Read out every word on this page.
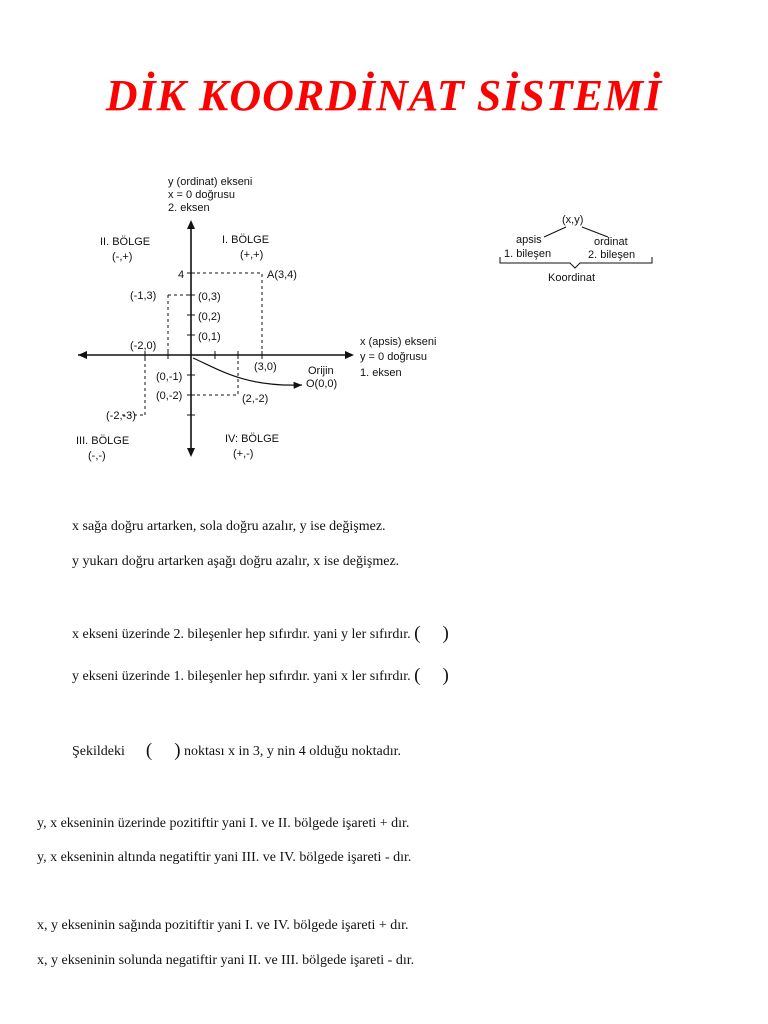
DİK KOORDİNAT SİSTEMİ
y (ordinat) ekseni
x = 0 doğrusu
2. eksen
II. BÖLGE
(-,+)
I. BÖLGE
(+,+)
III. BÖLGE
(-,-)
IV: BÖLGE
(+,-)
4	A(3,4)
(-1,3)	(0,3)
(0,2)
(0,1)
(-2,0)
(3,0)
(0,-1)
(0,-2)	(2,-2)
(-2,-3)
x (apsis) ekseni
y = 0 doğrusu
1. eksen
Orijin
O(0,0)
(x,y)
apsis	ordinat
1. bileşen	2. bileşen
Koordinat

x sağa doğru artarken, sola doğru azalır, y ise değişmez.

y yukarı doğru artarken aşağı doğru azalır, x ise değişmez.

x ekseni üzerinde 2. bileşenler hep sıfırdır. yani y ler sıfırdır. ( )

y ekseni üzerinde 1. bileşenler hep sıfırdır. yani x ler sıfırdır. ( )

Şekildeki ( ) noktası x in 3, y nin 4 olduğu noktadır.

y, x ekseninin üzerinde pozitiftir yani I. ve II. bölgede işareti + dır.

y, x ekseninin altında negatiftir yani III. ve IV. bölgede işareti - dır.

x, y ekseninin sağında pozitiftir yani I. ve IV. bölgede işareti + dır.

x, y ekseninin solunda negatiftir yani II. ve III. bölgede işareti - dır.
